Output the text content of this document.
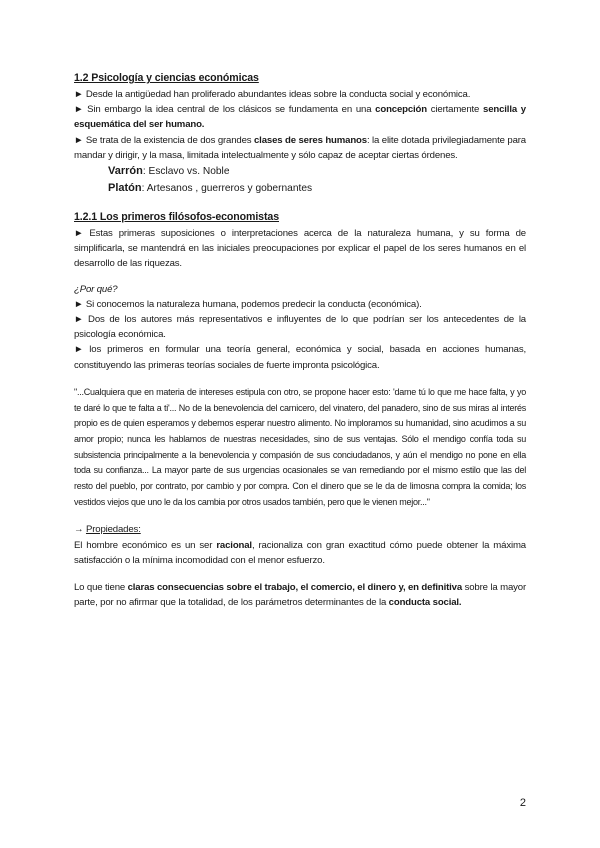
1.2 Psicología y ciencias económicas

► Desde la antigüedad han proliferado abundantes ideas sobre la conducta social y económica.

► Sin embargo la idea central de los clásicos se fundamenta en una concepción ciertamente sencilla y esquemática del ser humano.

► Se trata de la existencia de dos grandes clases de seres humanos: la elite dotada privilegiadamente para mandar y dirigir, y la masa, limitada intelectualmente y sólo capaz de aceptar ciertas órdenes.

Varrón: Esclavo vs. Noble

Platón: Artesanos , guerreros y gobernantes

1.2.1 Los primeros filósofos-economistas

► Estas primeras suposiciones o interpretaciones acerca de la naturaleza humana, y su forma de simplificarla, se mantendrá en las iniciales preocupaciones por explicar el papel de los seres humanos en el desarrollo de las riquezas.

¿Por qué?

► Si conocemos la naturaleza humana, podemos predecir la conducta (económica).

► Dos de los autores más representativos e influyentes de lo que podrían ser los antecedentes de la psicología económica.

► los primeros en formular una teoría general, económica y social, basada en acciones humanas, constituyendo las primeras teorías sociales de fuerte impronta psicológica.

"...Cualquiera que en materia de intereses estipula con otro, se propone hacer esto: 'dame tú lo que me hace falta, y yo te daré lo que te falta a ti'... No de la benevolencia del carnicero, del vinatero, del panadero, sino de sus miras al interés propio es de quien esperamos y debemos esperar nuestro alimento. No imploramos su humanidad, sino acudimos a su amor propio; nunca les hablamos de nuestras necesidades, sino de sus ventajas. Sólo el mendigo confía toda su subsistencia principalmente a la benevolencia y compasión de sus conciudadanos, y aún el mendigo no pone en ella toda su confianza... La mayor parte de sus urgencias ocasionales se van remediando por el mismo estilo que las del resto del pueblo, por contrato, por cambio y por compra. Con el dinero que se le da de limosna compra la comida; los vestidos viejos que uno le da los cambia por otros usados también, pero que le vienen mejor..."

→ Propiedades:

El hombre económico es un ser racional, racionaliza con gran exactitud cómo puede obtener la máxima satisfacción o la mínima incomodidad con el menor esfuerzo.

Lo que tiene claras consecuencias sobre el trabajo, el comercio, el dinero y, en definitiva sobre la mayor parte, por no afirmar que la totalidad, de los parámetros determinantes de la conducta social.

2
